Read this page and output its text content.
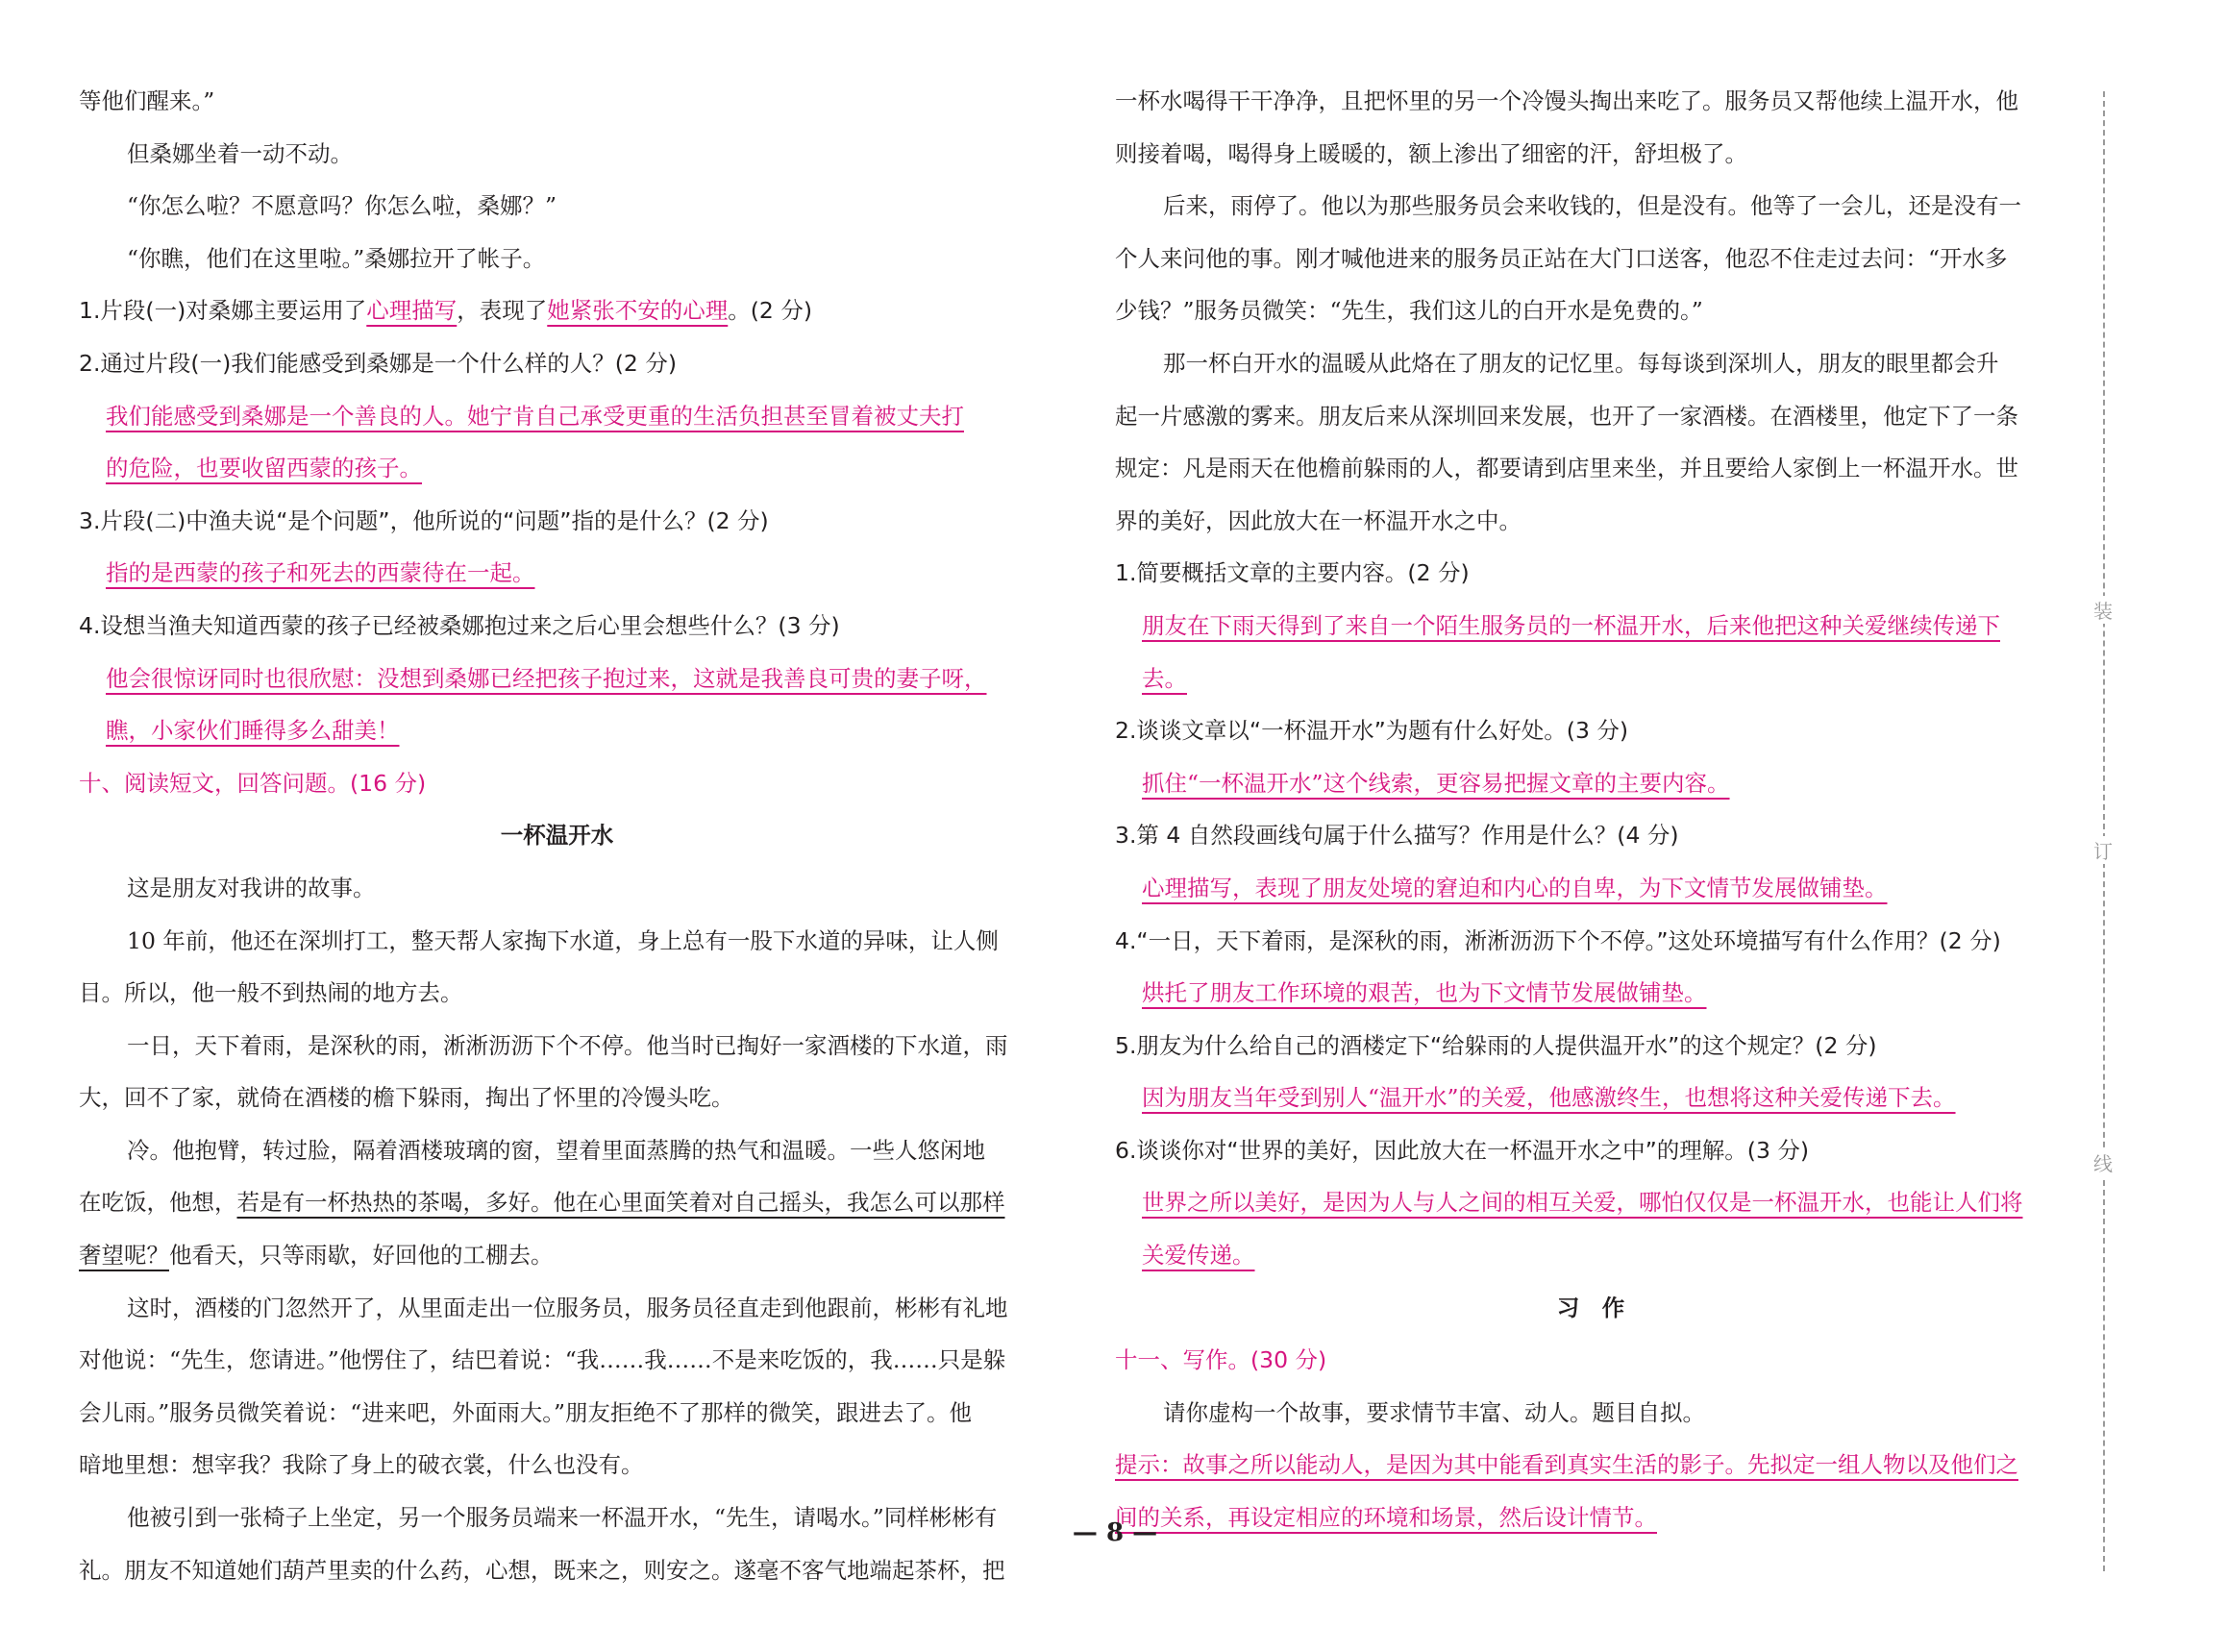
等他们醒来。”
但桑娜坐着一动不动。
“你怎么啦？不愿意吗？你怎么啦，桑娜？”
“你瞧，他们在这里啦。”桑娜拉开了帐子。
1.片段(一)对桑娜主要运用了心理描写，表现了她紧张不安的心理。(2 分)
2.通过片段(一)我们能感受到桑娜是一个什么样的人？(2 分)
我们能感受到桑娜是一个善良的人。她宁肯自己承受更重的生活负担甚至冒着被丈夫打
的危险，也要收留西蒙的孩子。
3.片段(二)中渔夫说“是个问题”，他所说的“问题”指的是什么？(2 分)
指的是西蒙的孩子和死去的西蒙待在一起。
4.设想当渔夫知道西蒙的孩子已经被桑娜抱过来之后心里会想些什么？(3 分)
他会很惊讶同时也很欣慰：没想到桑娜已经把孩子抱过来，这就是我善良可贵的妻子呀，
瞧，小家伙们睡得多么甜美！
十、阅读短文，回答问题。(16 分)
一杯温开水
这是朋友对我讲的故事。
10 年前，他还在深圳打工，整天帮人家掏下水道，身上总有一股下水道的异味，让人侧
目。所以，他一般不到热闹的地方去。
一日，天下着雨，是深秋的雨，淅淅沥沥下个不停。他当时已掏好一家酒楼的下水道，雨
大，回不了家，就倚在酒楼的檐下躲雨，掏出了怀里的冷馒头吃。
冷。他抱臂，转过脸，隔着酒楼玻璃的窗，望着里面蒸腾的热气和温暖。一些人悠闲地
在吃饭，他想，若是有一杯热热的茶喝，多好。他在心里面笑着对自己摇头，我怎么可以那样
奢望呢？他看天，只等雨歇，好回他的工棚去。
这时，酒楼的门忽然开了，从里面走出一位服务员，服务员径直走到他跟前，彬彬有礼地
对他说：“先生，您请进。”他愣住了，结巴着说：“我……我……不是来吃饭的，我……只是躲
会儿雨。”服务员微笑着说：“进来吧，外面雨大。”朋友拒绝不了那样的微笑，跟进去了。他
暗地里想：想宰我？我除了身上的破衣裳，什么也没有。
他被引到一张椅子上坐定，另一个服务员端来一杯温开水，“先生，请喝水。”同样彬彬有
礼。朋友不知道她们葫芦里卖的什么药，心想，既来之，则安之。遂毫不客气地端起茶杯，把
一杯水喝得干干净净，且把怀里的另一个冷馒头掏出来吃了。服务员又帮他续上温开水，他
则接着喝，喝得身上暖暖的，额上渗出了细密的汗，舒坦极了。
后来，雨停了。他以为那些服务员会来收钱的，但是没有。他等了一会儿，还是没有一
个人来问他的事。刚才喊他进来的服务员正站在大门口送客，他忍不住走过去问：“开水多
少钱？”服务员微笑：“先生，我们这儿的白开水是免费的。”
那一杯白开水的温暖从此烙在了朋友的记忆里。每每谈到深圳人，朋友的眼里都会升
起一片感激的雾来。朋友后来从深圳回来发展，也开了一家酒楼。在酒楼里，他定下了一条
规定：凡是雨天在他檐前躲雨的人，都要请到店里来坐，并且要给人家倒上一杯温开水。世
界的美好，因此放大在一杯温开水之中。
1.简要概括文章的主要内容。(2 分)
朋友在下雨天得到了来自一个陌生服务员的一杯温开水，后来他把这种关爱继续传递下
去。
2.谈谈文章以“一杯温开水”为题有什么好处。(3 分)
抓住“一杯温开水”这个线索，更容易把握文章的主要内容。
3.第 4 自然段画线句属于什么描写？作用是什么？(4 分)
心理描写，表现了朋友处境的窘迫和内心的自卑，为下文情节发展做铺垫。
4.“一日，天下着雨，是深秋的雨，淅淅沥沥下个不停。”这处环境描写有什么作用？(2 分)
烘托了朋友工作环境的艰苦，也为下文情节发展做铺垫。
5.朋友为什么给自己的酒楼定下“给躲雨的人提供温开水”的这个规定？(2 分)
因为朋友当年受到别人“温开水”的关爱，他感激终生，也想将这种关爱传递下去。
6.谈谈你对“世界的美好，因此放大在一杯温开水之中”的理解。(3 分)
世界之所以美好，是因为人与人之间的相互关爱，哪怕仅仅是一杯温开水，也能让人们将
关爱传递。
习　作
十一、写作。(30 分)
请你虚构一个故事，要求情节丰富、动人。题目自拟。
提示：故事之所以能动人，是因为其中能看到真实生活的影子。先拟定一组人物以及他们之
间的关系，再设定相应的环境和场景，然后设计情节。
— 8 —
装
订
线
